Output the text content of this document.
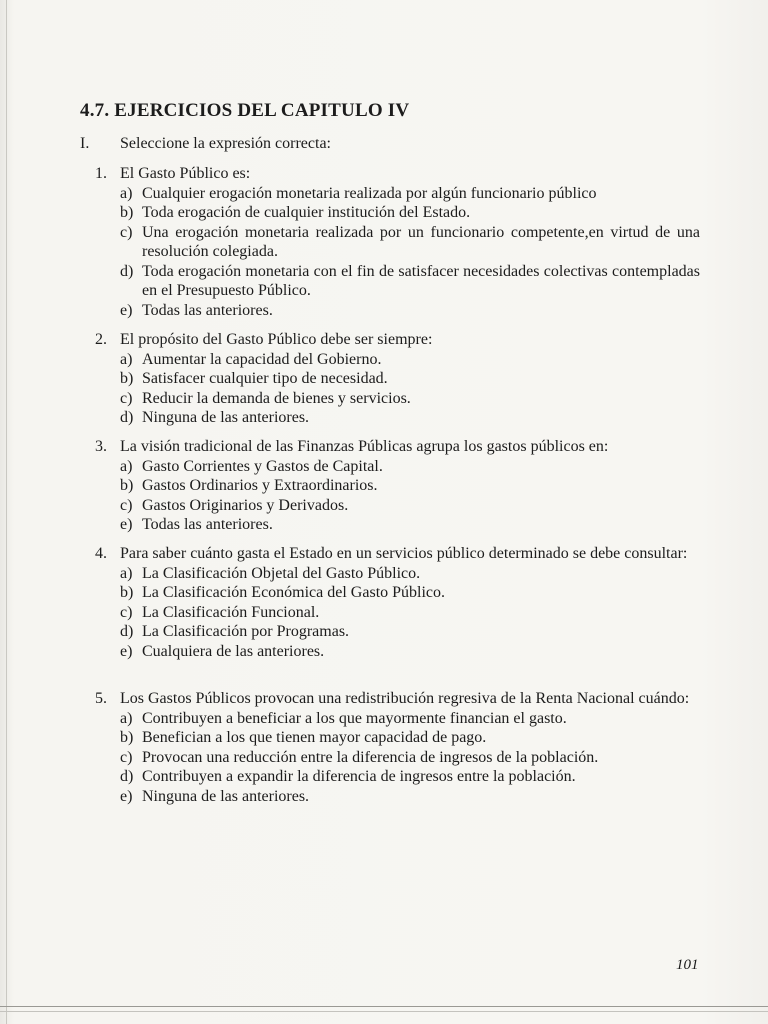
4.7. EJERCICIOS DEL CAPITULO IV
I. Seleccione la expresión correcta:
1. El Gasto Público es:
a) Cualquier erogación monetaria realizada por algún funcionario público
b) Toda erogación de cualquier institución del Estado.
c) Una erogación monetaria realizada por un funcionario competente,en virtud de una resolución colegiada.
d) Toda erogación monetaria con el fin de satisfacer necesidades colectivas contempladas en el Presupuesto Público.
e) Todas las anteriores.
2. El propósito del Gasto Público debe ser siempre:
a) Aumentar la capacidad del Gobierno.
b) Satisfacer cualquier tipo de necesidad.
c) Reducir la demanda de bienes y servicios.
d) Ninguna de las anteriores.
3. La visión tradicional de las Finanzas Públicas agrupa los gastos públicos en:
a) Gasto Corrientes y Gastos de Capital.
b) Gastos Ordinarios y Extraordinarios.
c) Gastos Originarios y Derivados.
e) Todas las anteriores.
4. Para saber cuánto gasta el Estado en un servicios público determinado se debe consultar:
a) La Clasificación Objetal del Gasto Público.
b) La Clasificación Económica del Gasto Público.
c) La Clasificación Funcional.
d) La Clasificación por Programas.
e) Cualquiera de las anteriores.
5. Los Gastos Públicos provocan una redistribución regresiva de la Renta Nacional cuándo:
a) Contribuyen a beneficiar a los que mayormente financian el gasto.
b) Benefician a los que tienen mayor capacidad de pago.
c) Provocan una reducción entre la diferencia de ingresos de la población.
d) Contribuyen a expandir la diferencia de ingresos entre la población.
e) Ninguna de las anteriores.
101
